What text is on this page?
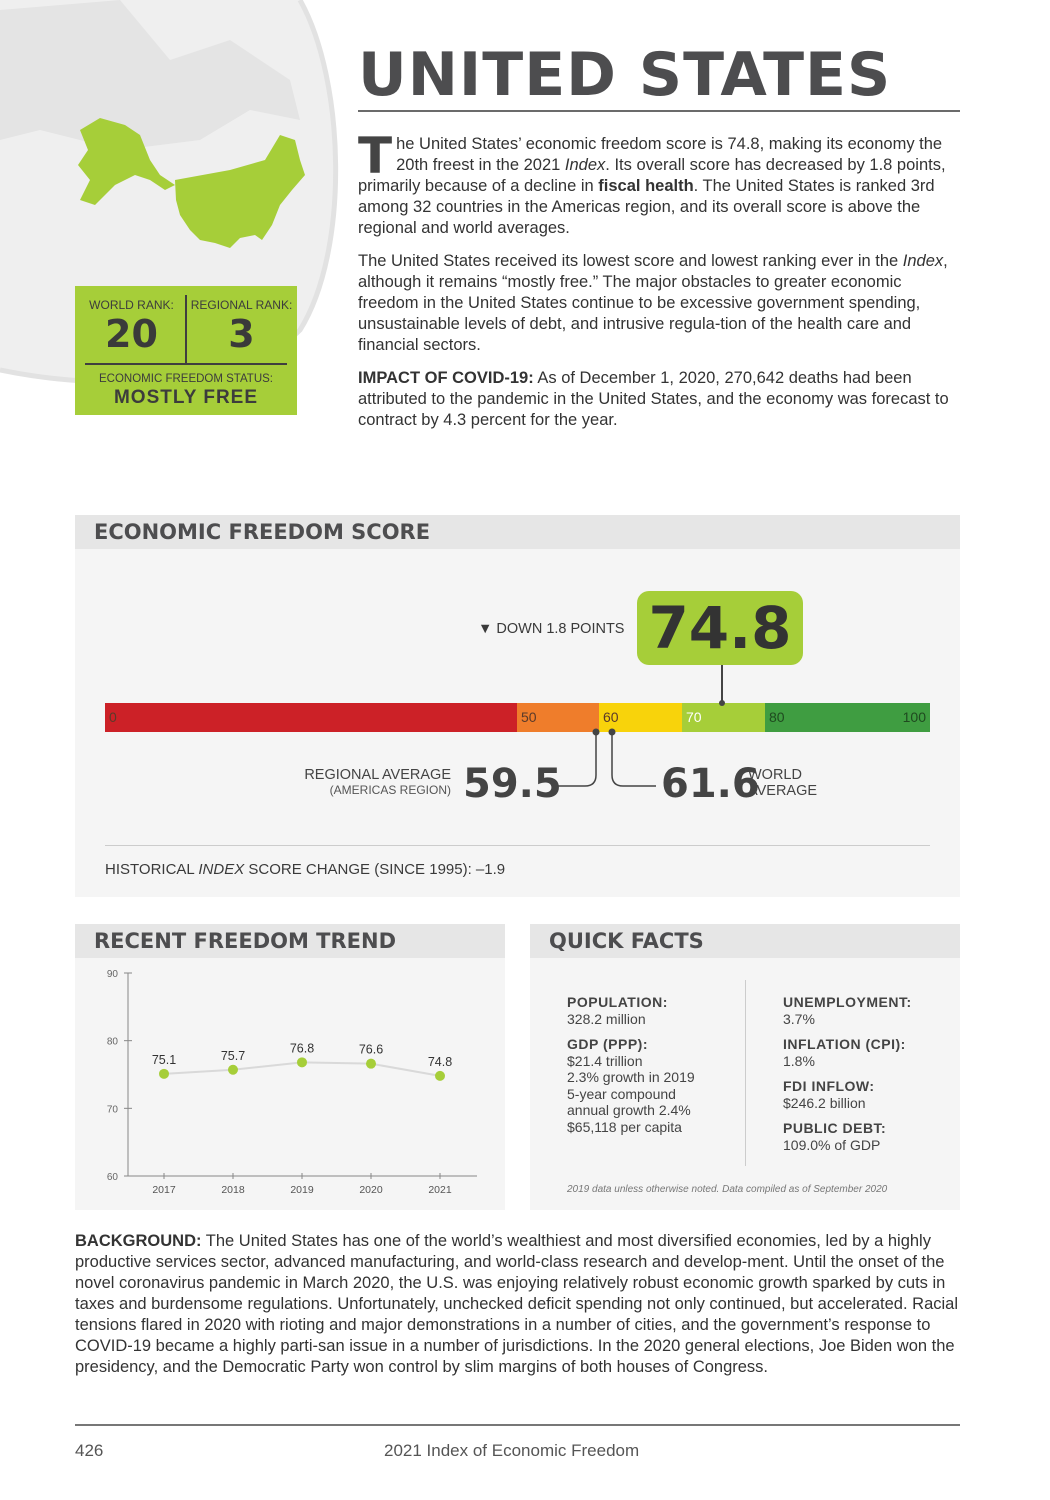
UNITED STATES

The United States’ economic freedom score is 74.8, making its economy the 20th freest in the 2021 Index. Its overall score has decreased by 1.8 points, primarily because of a decline in fiscal health. The United States is ranked 3rd among 32 countries in the Americas region, and its overall score is above the regional and world averages.

The United States received its lowest score and lowest ranking ever in the Index, although it remains “mostly free.” The major obstacles to greater economic freedom in the United States continue to be excessive government spending, unsustainable levels of debt, and intrusive regula-tion of the health care and financial sectors.

IMPACT OF COVID-19: As of December 1, 2020, 270,642 deaths had been attributed to the pandemic in the United States, and the economy was forecast to contract by 4.3 percent for the year.

WORLD RANK:
20
REGIONAL RANK:
3
ECONOMIC FREEDOM STATUS:
MOSTLY FREE
ECONOMIC FREEDOM SCORE
▼ DOWN 1.8 POINTS 74.8
0	50	60	70	80	100
REGIONAL AVERAGE
(AMERICAS REGION) 59.5 61.6
WORLD
AVERAGE
HISTORICAL INDEX SCORE CHANGE (SINCE 1995): –1.9
RECENT FREEDOM TREND
60
70
80
90
2017	2018	2019	2020	2021
75.1	75.7
76.8	76.6
74.8
QUICK FACTS
POPULATION:
328.2 million
GDP (PPP):
$21.4 trillion
2.3% growth in 2019
5-year compound
annual growth 2.4%
$65,118 per capita
UNEMPLOYMENT:
3.7%
INFLATION (CPI):
1.8%
FDI INFLOW:
$246.2 billion
PUBLIC DEBT:
109.0% of GDP
2019 data unless otherwise noted. Data compiled as of September 2020
BACKGROUND: The United States has one of the world’s wealthiest and most diversified economies, led by a highly productive services sector, advanced manufacturing, and world-class research and develop-ment. Until the onset of the novel coronavirus pandemic in March 2020, the U.S. was enjoying relatively robust economic growth sparked by cuts in taxes and burdensome regulations. Unfortunately, unchecked deficit spending not only continued, but accelerated. Racial tensions flared in 2020 with rioting and major demonstrations in a number of cities, and the government’s response to COVID-19 became a highly parti-san issue in a number of jurisdictions. In the 2020 general elections, Joe Biden won the presidency, and the Democratic Party won control by slim margins of both houses of Congress.
426	2021 Index of Economic Freedom
